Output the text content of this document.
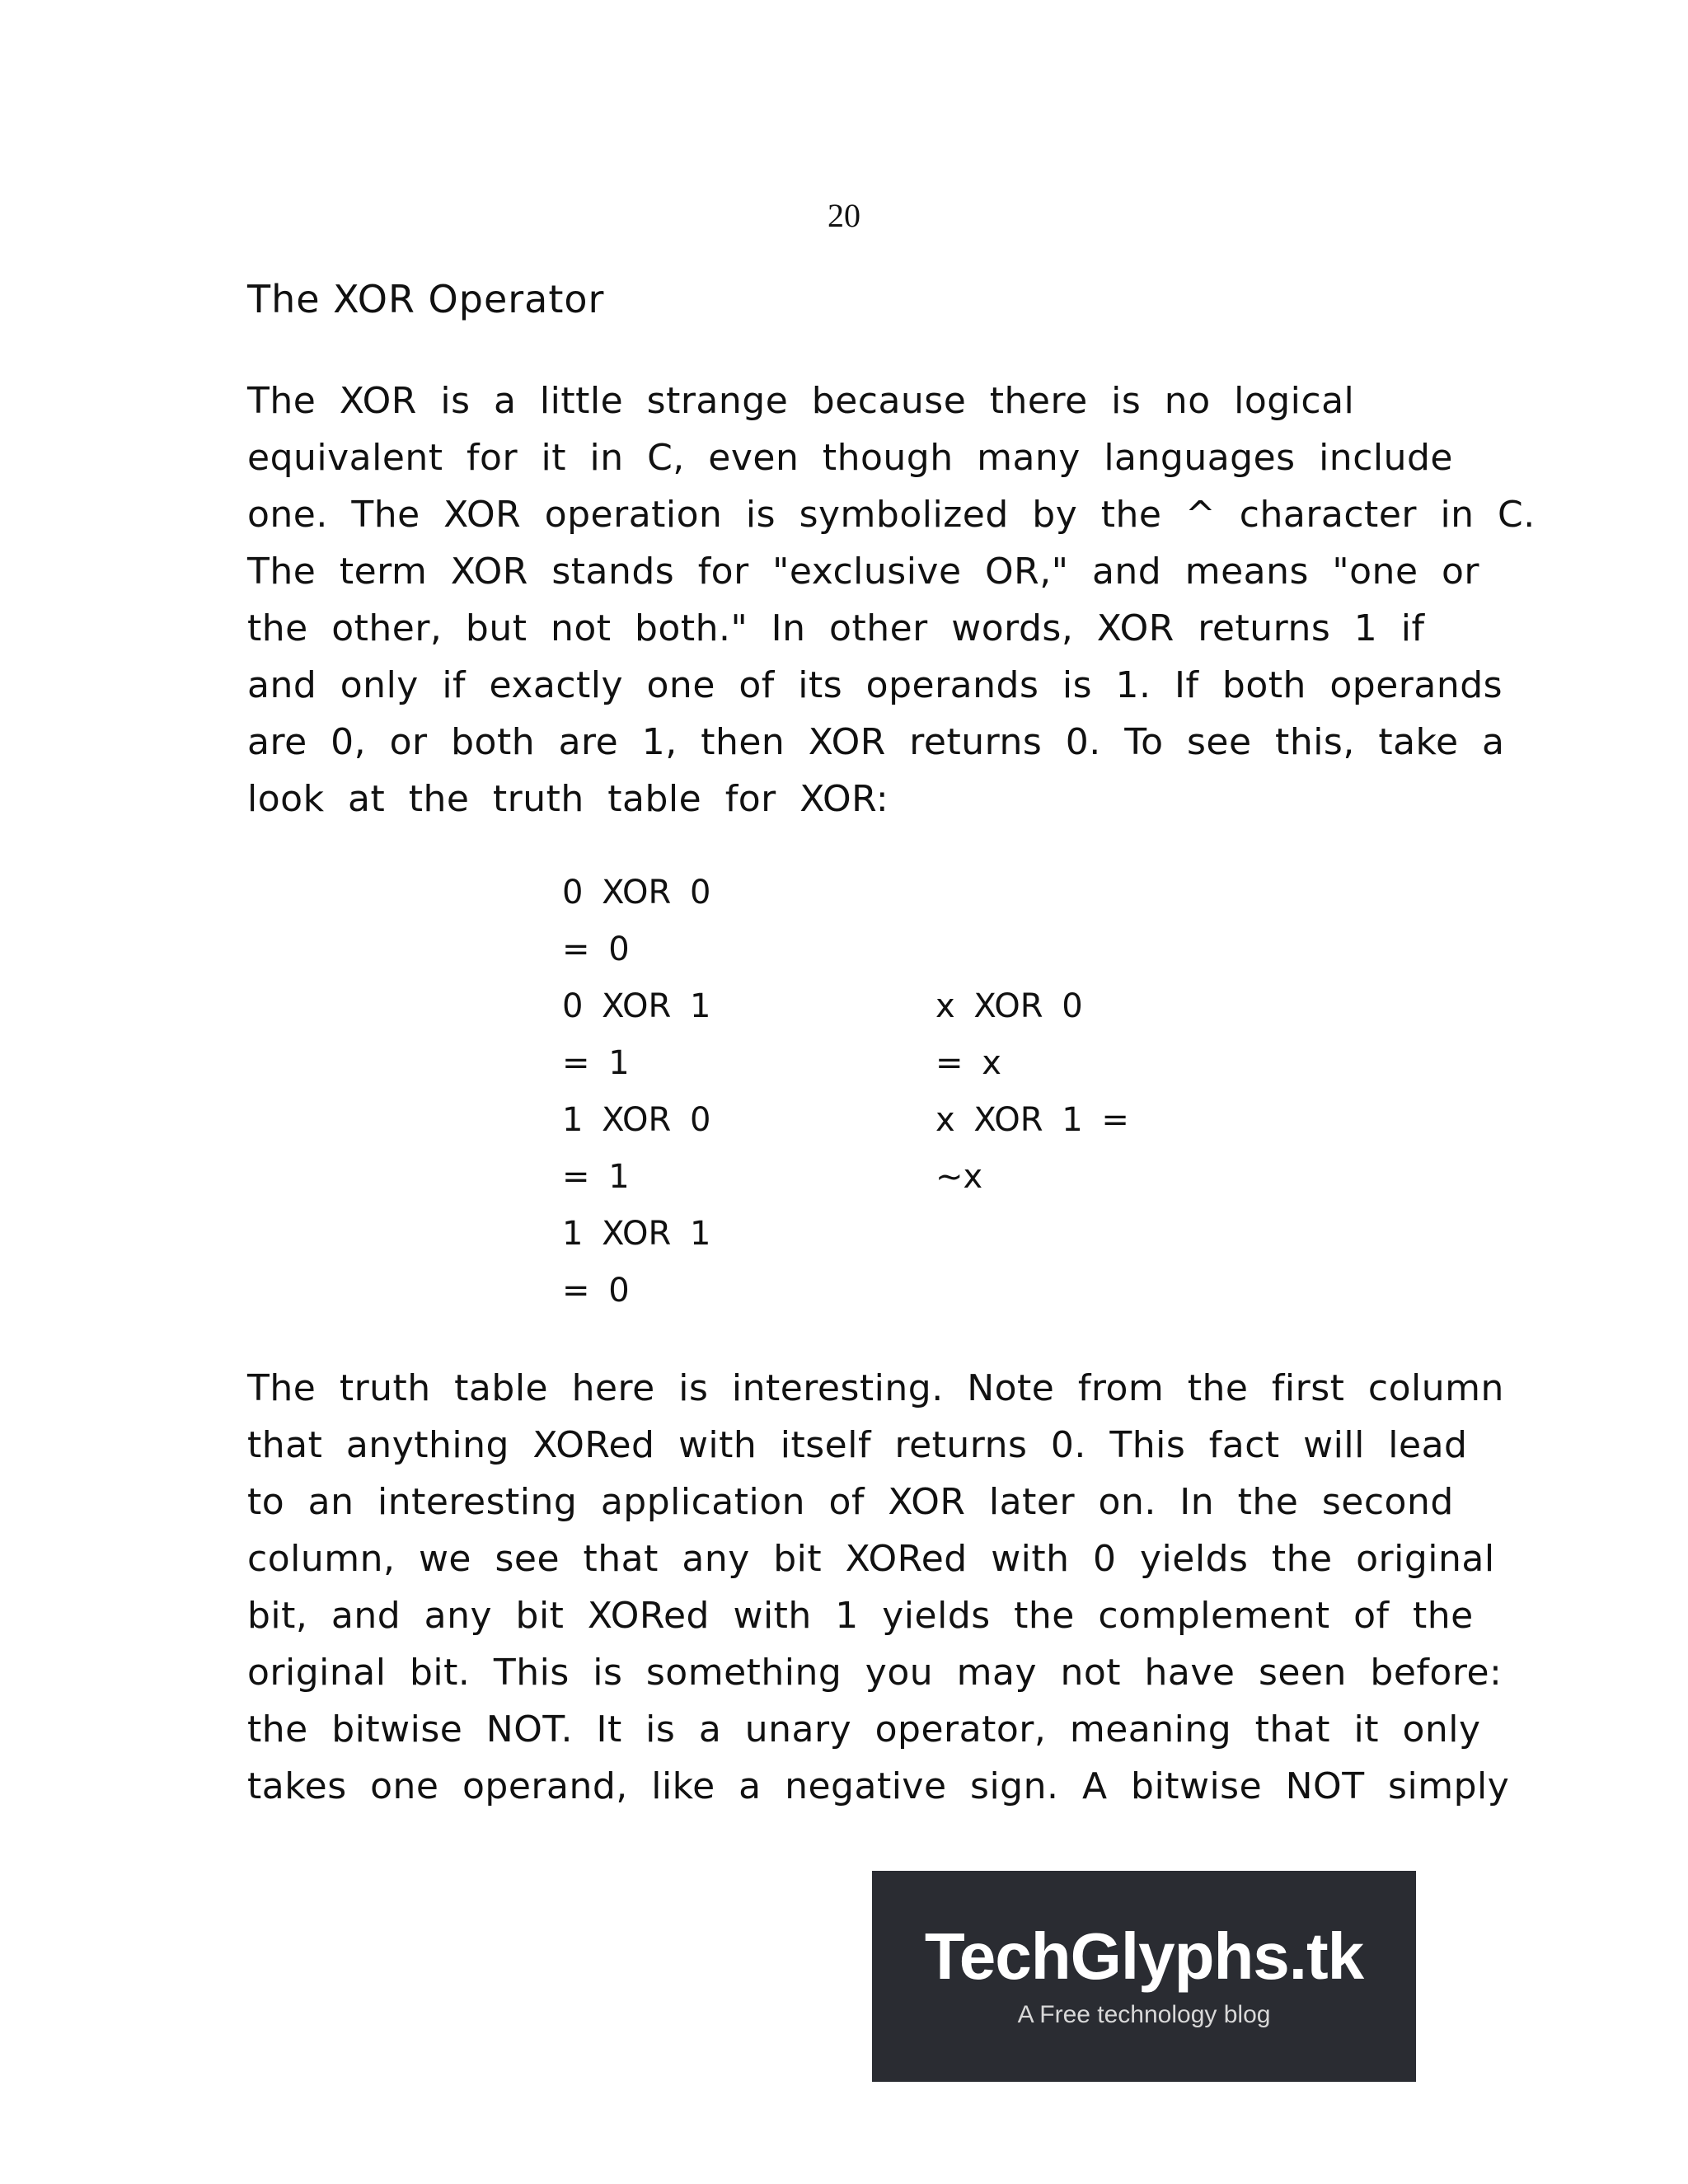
20
The XOR Operator
The XOR is a little strange because there is no logical
equivalent for it in C, even though many languages include
one. The XOR operation is symbolized by the ^ character in C.
The term XOR stands for "exclusive OR," and means "one or
the other, but not both." In other words, XOR returns 1 if
and only if exactly one of its operands is 1. If both operands
are 0, or both are 1, then XOR returns 0. To see this, take a
look at the truth table for XOR:
0 XOR 0
= 0
0 XOR 1
= 1
1 XOR 0
= 1
1 XOR 1
= 0
x XOR 0
= x
x XOR 1 =
~x
The truth table here is interesting. Note from the first column
that anything XORed with itself returns 0. This fact will lead
to an interesting application of XOR later on. In the second
column, we see that any bit XORed with 0 yields the original
bit, and any bit XORed with 1 yields the complement of the
original bit. This is something you may not have seen before:
the bitwise NOT. It is a unary operator, meaning that it only
takes one operand, like a negative sign. A bitwise NOT simply
TechGlyphs.tk
A Free technology blog
